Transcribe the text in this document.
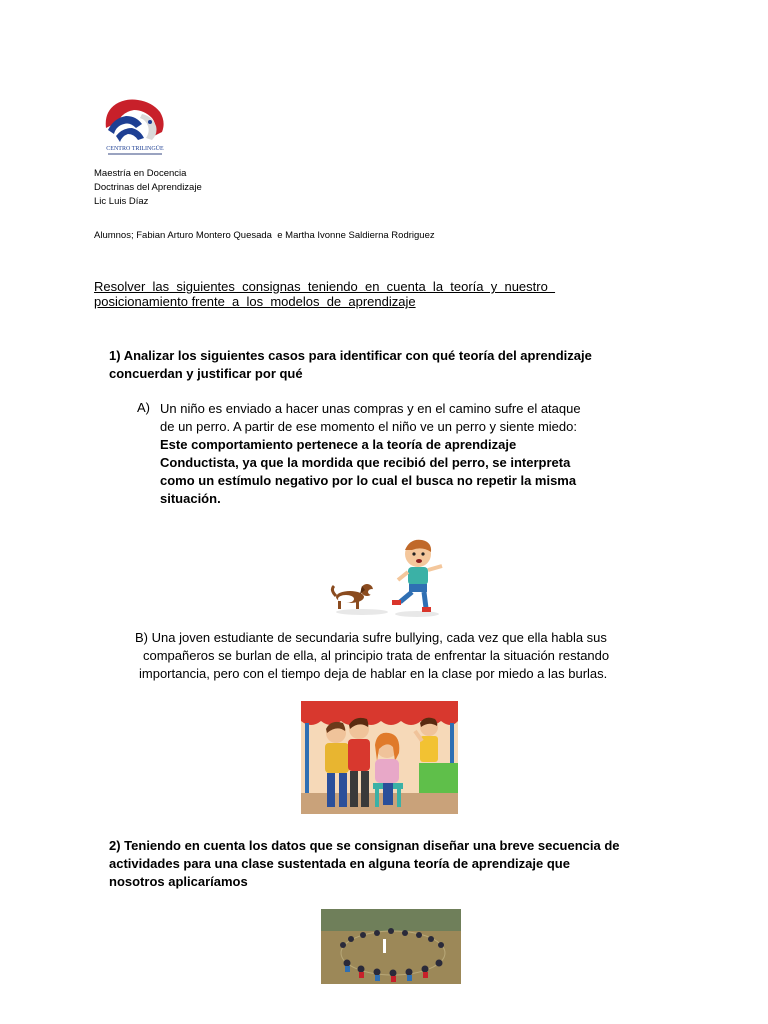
CENTRO TRILINGÜE
Maestría en Docencia
Doctrinas del Aprendizaje
Lic Luis Díaz
Alumnos; Fabian Arturo Montero Quesada  e Martha Ivonne Saldierna Rodriguez
Resolver  las  siguientes  consignas  teniendo  en  cuenta  la  teoría  y  nuestro
posicionamiento frente  a  los  modelos  de  aprendizaje
1) Analizar los siguientes casos para identificar con qué teoría del aprendizaje
concuerdan y justificar por qué
A) Un niño es enviado a hacer unas compras y en el camino sufre el ataque
de un perro. A partir de ese momento el niño ve un perro y siente miedo:
Este comportamiento pertenece a la teoría de aprendizaje
Conductista, ya que la mordida que recibió del perro, se interpreta
como un estímulo negativo por lo cual el busca no repetir la misma
situación.
B) Una joven estudiante de secundaria sufre bullying, cada vez que ella habla sus
compañeros se burlan de ella, al principio trata de enfrentar la situación restando
importancia, pero con el tiempo deja de hablar en la clase por miedo a las burlas.
2) Teniendo en cuenta los datos que se consignan diseñar una breve secuencia de
actividades para una clase sustentada en alguna teoría de aprendizaje que
nosotros aplicaríamos
